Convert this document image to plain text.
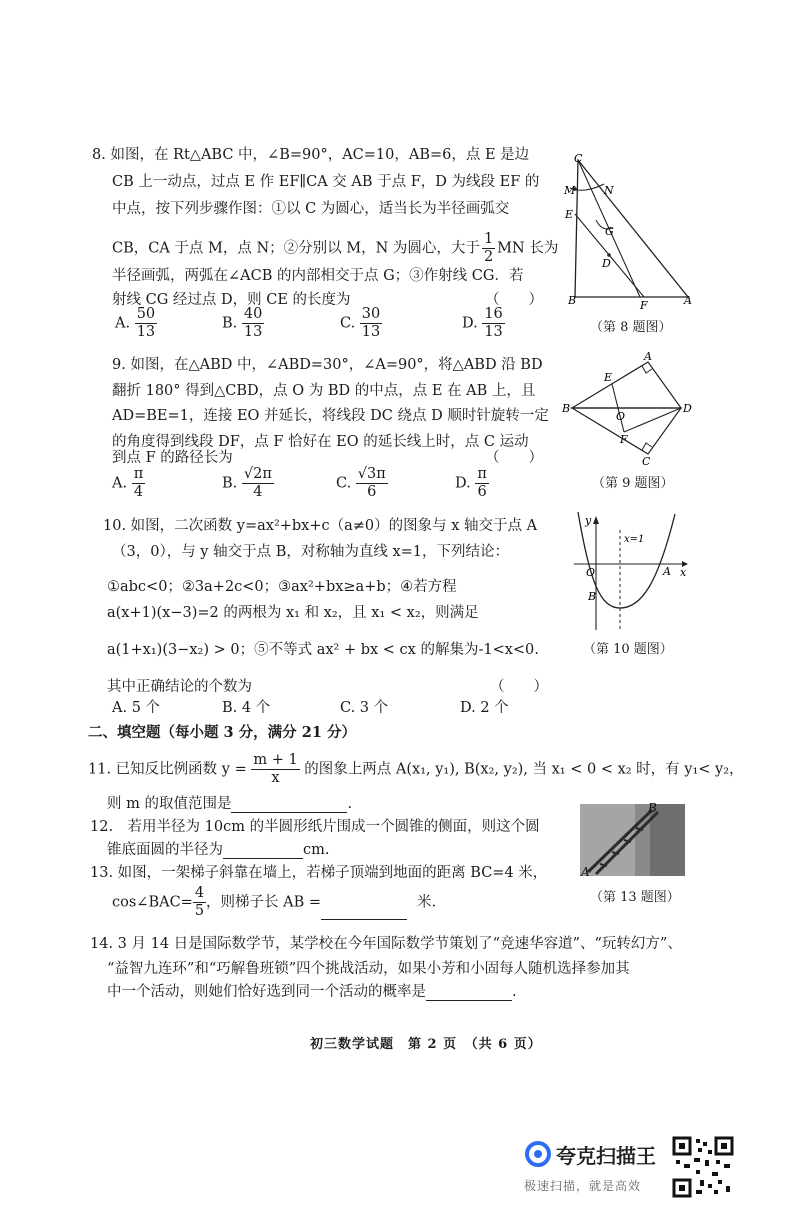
8. 如图，在 Rt△ABC 中，∠B=90°，AC=10，AB=6，点 E 是边
CB 上一动点，过点 E 作 EF∥CA 交 AB 于点 F，D 为线段 EF 的
中点，按下列步骤作图：①以 C 为圆心，适当长为半径画弧交
CB，CA 于点 M，点 N；②分别以 M，N 为圆心，大于 $\frac{1}{2}$ MN 长为
半径画弧，两弧在∠ACB 的内部相交于点 G；③作射线 CG．若
射线 CG 经过点 D，则 CE 的长度为	（　　）
A. $\frac{50}{13}$	B. $\frac{40}{13}$	C. $\frac{30}{13}$	D. $\frac{16}{13}$
C
M	N
E
G
D
B	F	A
（第 8 题图）
9. 如图，在△ABD 中，∠ABD=30°，∠A=90°，将△ABD 沿 BD
翻折 180° 得到△CBD，点 O 为 BD 的中点，点 E 在 AB 上，且
AD=BE=1，连接 EO 并延长，将线段 DC 绕点 D 顺时针旋转一定
的角度得到线段 DF，点 F 恰好在 EO 的延长线上时，点 C 运动
到点 F 的路径长为	（　　）
A. $\frac{\pi}{4}$	B. $\frac{√2\pi}{4}$	C. $\frac{√3\pi}{6}$	D. $\frac{\pi}{6}$
A
E
B
O
D
F
C
（第 9 题图）
10. 如图，二次函数 y=ax²+bx+c（a≠0）的图象与 x 轴交于点 A
（3，0），与 y 轴交于点 B，对称轴为直线 x=1，下列结论：
①abc<0；②3a+2c<0；③ax²+bx≥a+b；④若方程
a(x+1)(x−3)=2 的两根为 x₁ 和 x₂，且 x₁ < x₂，则满足
a(1+x₁)(3−x₂) > 0；⑤不等式 ax² + bx < cx 的解集为-1<x<0.
其中正确结论的个数为	（　　）
A. 5 个	B. 4 个	C. 3 个	D. 2 个
y
x
x=1
O	A
B
（第 10 题图）
二、填空题（每小题 3 分，满分 21 分）
11. 已知反比例函数 $y = \frac{m + 1}{x}$ 的图象上两点 A(x₁, y₁), B(x₂, y₂), 当 x₁ < 0 < x₂ 时，有 y₁< y₂，
则 m 的取值范围是	.
12.　若用半径为 10cm 的半圆形纸片围成一个圆锥的侧面，则这个圆
锥底面圆的半径为	cm.
13. 如图，一架梯子斜靠在墙上，若梯子顶端到地面的距离 BC=4 米，
cos∠BAC= $\frac{4}{5}$ ，则梯子长 AB =	米.
B
A
（第 13 题图）
14. 3 月 14 日是国际数学节，某学校在今年国际数学节策划了“竞速华容道”、“玩转幻方”、
“益智九连环”和“巧解鲁班锁”四个挑战活动，如果小芳和小固每人随机选择参加其
中一个活动，则她们恰好选到同一个活动的概率是	.
初三数学试题　第 2 页　（共 6 页）
夸克扫描王
极速扫描，就是高效
